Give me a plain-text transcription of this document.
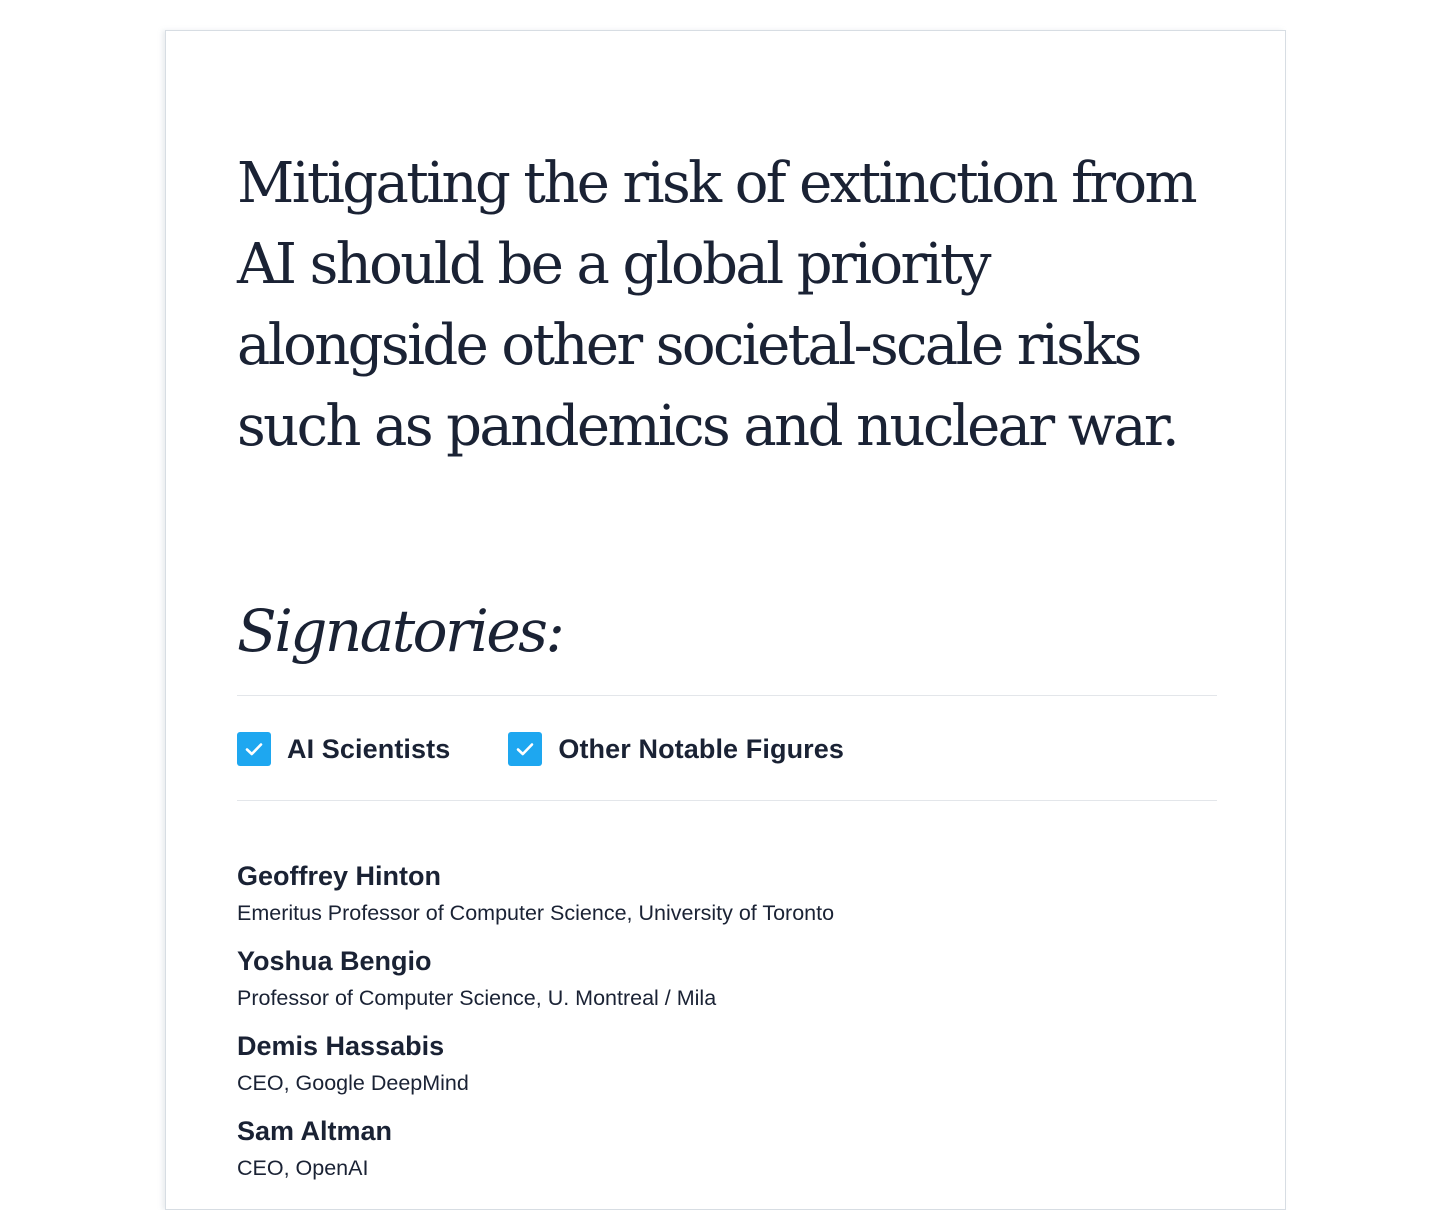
Mitigating the risk of extinction from
AI should be a global priority
alongside other societal-scale risks
such as pandemics and nuclear war.
Signatories:
AI Scientists	Other Notable Figures
Geoffrey Hinton
Emeritus Professor of Computer Science, University of Toronto
Yoshua Bengio
Professor of Computer Science, U. Montreal / Mila
Demis Hassabis
CEO, Google DeepMind
Sam Altman
CEO, OpenAI
